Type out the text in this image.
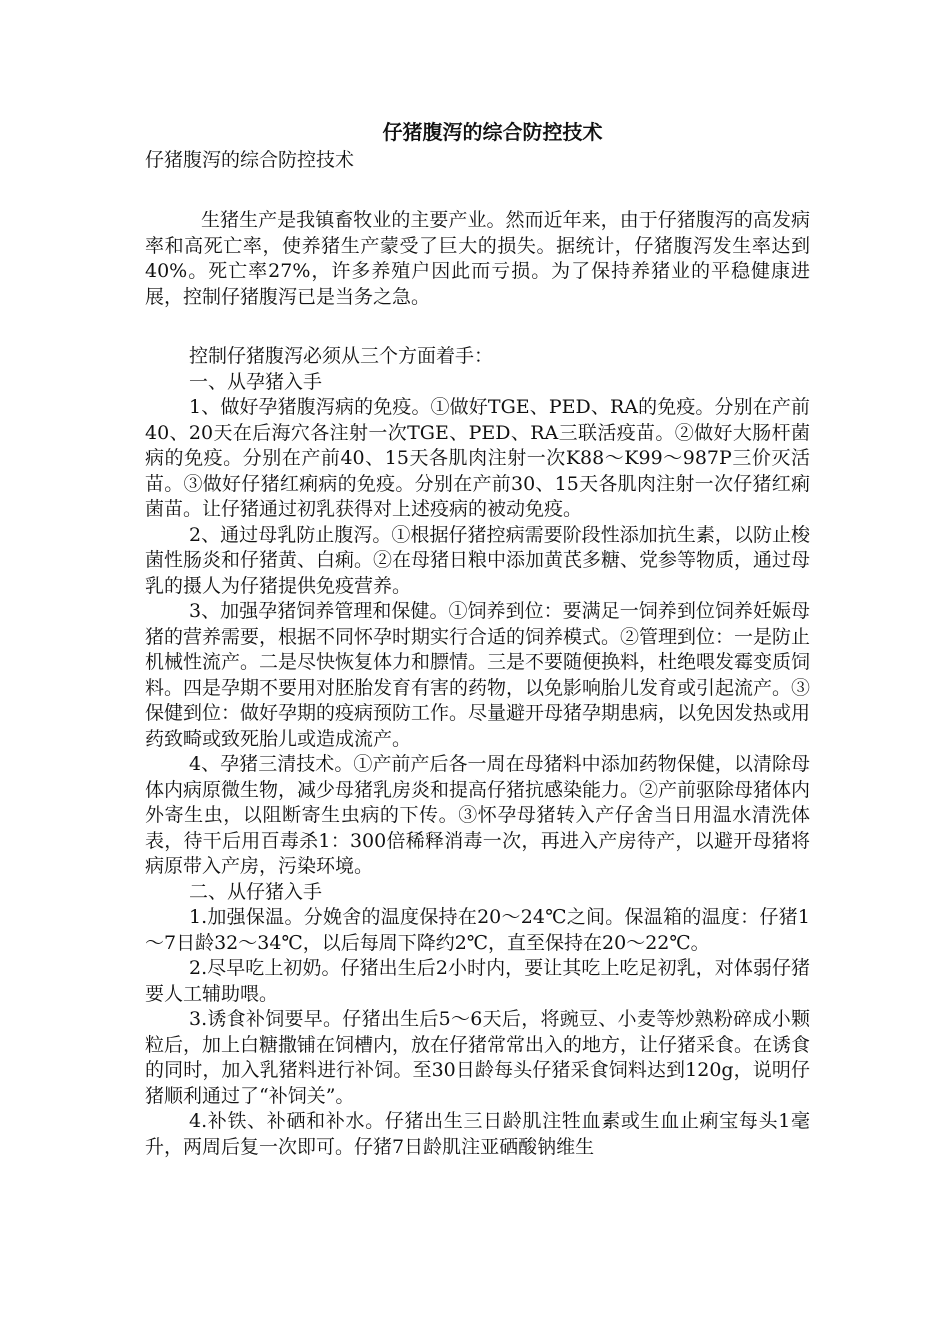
仔猪腹泻的综合防控技术

仔猪腹泻的综合防控技术

生猪生产是我镇畜牧业的主要产业。然而近年来，由于仔猪腹泻的高发病率和高死亡率，使养猪生产蒙受了巨大的损失。据统计，仔猪腹泻发生率达到40%。死亡率27%，许多养殖户因此而亏损。为了保持养猪业的平稳健康进展，控制仔猪腹泻已是当务之急。

控制仔猪腹泻必须从三个方面着手：

一、从孕猪入手

1、做好孕猪腹泻病的免疫。①做好TGE、PED、RA的免疫。分别在产前40、20天在后海穴各注射一次TGE、PED、RA三联活疫苗。②做好大肠杆菌病的免疫。分别在产前40、15天各肌肉注射一次K88～K99～987P三价灭活苗。③做好仔猪红痢病的免疫。分别在产前30、15天各肌肉注射一次仔猪红痢菌苗。让仔猪通过初乳获得对上述疫病的被动免疫。

2、通过母乳防止腹泻。①根据仔猪控病需要阶段性添加抗生素，以防止梭菌性肠炎和仔猪黄、白痢。②在母猪日粮中添加黄芪多糖、党参等物质，通过母乳的摄人为仔猪提供免疫营养。

3、加强孕猪饲养管理和保健。①饲养到位：要满足一饲养到位饲养妊娠母猪的营养需要，根据不同怀孕时期实行合适的饲养模式。②管理到位：一是防止机械性流产。二是尽快恢复体力和膘情。三是不要随便换料，杜绝喂发霉变质饲料。四是孕期不要用对胚胎发育有害的药物，以免影响胎儿发育或引起流产。③保健到位：做好孕期的疫病预防工作。尽量避开母猪孕期患病，以免因发热或用药致畸或致死胎儿或造成流产。

4、孕猪三清技术。①产前产后各一周在母猪料中添加药物保健，以清除母体内病原微生物，减少母猪乳房炎和提高仔猪抗感染能力。②产前驱除母猪体内外寄生虫，以阻断寄生虫病的下传。③怀孕母猪转入产仔舍当日用温水清洗体表，待干后用百毒杀1：300倍稀释消毒一次，再进入产房待产，以避开母猪将病原带入产房，污染环境。

二、从仔猪入手

1.加强保温。分娩舍的温度保持在20～24℃之间。保温箱的温度：仔猪1～7日龄32～34℃，以后每周下降约2℃，直至保持在20～22℃。

2.尽早吃上初奶。仔猪出生后2小时内，要让其吃上吃足初乳，对体弱仔猪要人工辅助喂。

3.诱食补饲要早。仔猪出生后5～6天后，将豌豆、小麦等炒熟粉碎成小颗粒后，加上白糖撒铺在饲槽内，放在仔猪常常出入的地方，让仔猪采食。在诱食的同时，加入乳猪料进行补饲。至30日龄每头仔猪采食饲料达到120g，说明仔猪顺利通过了“补饲关”。

4.补铁、补硒和补水。仔猪出生三日龄肌注牲血素或生血止痢宝每头1毫升，两周后复一次即可。仔猪7日龄肌注亚硒酸钠维生
